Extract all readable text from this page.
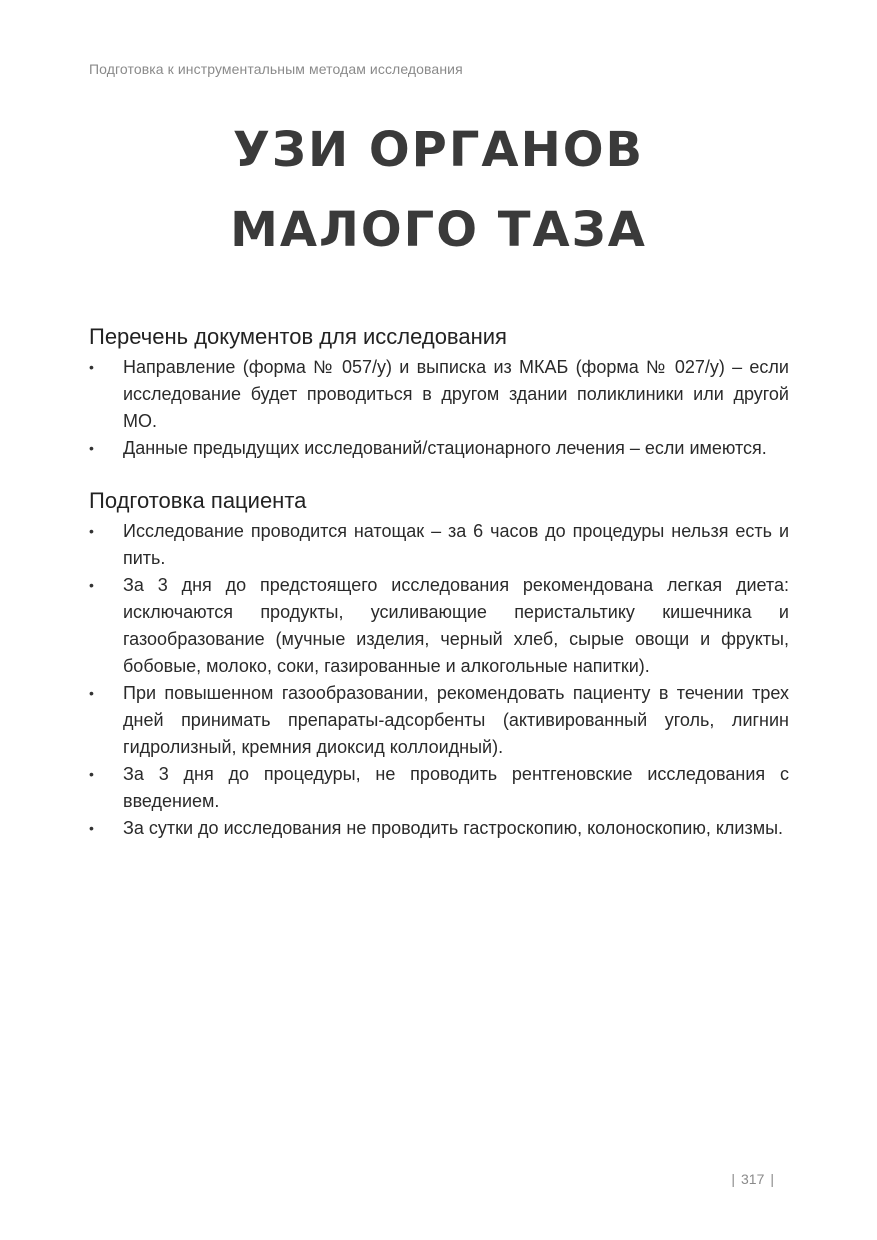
Подготовка к инструментальным методам исследования
УЗИ ОРГАНОВ
МАЛОГО ТАЗА
Перечень документов для исследования
• Направление (форма № 057/у) и выписка из МКАБ (форма № 027/у) – если исследование будет проводиться в другом здании поликлиники или другой МО.
• Данные предыдущих исследований/стационарного лечения – если имеются.
Подготовка пациента
• Исследование проводится натощак – за 6 часов до процедуры нельзя есть и пить.
• За 3 дня до предстоящего исследования рекомендована легкая диета: исключаются продукты, усиливающие перистальтику кишечника и газообразование (мучные изделия, черный хлеб, сырые овощи и фрукты, бобовые, молоко, соки, газированные и алкогольные напитки).
• При повышенном газообразовании, рекомендовать пациенту в течении трех дней принимать препараты-адсорбенты (активированный уголь, лигнин гидролизный, кремния диоксид коллоидный).
• За 3 дня до процедуры, не проводить рентгеновские исследования с введением.
• За сутки до исследования не проводить гастроскопию, колоноскопию, клизмы.
| 317 |
